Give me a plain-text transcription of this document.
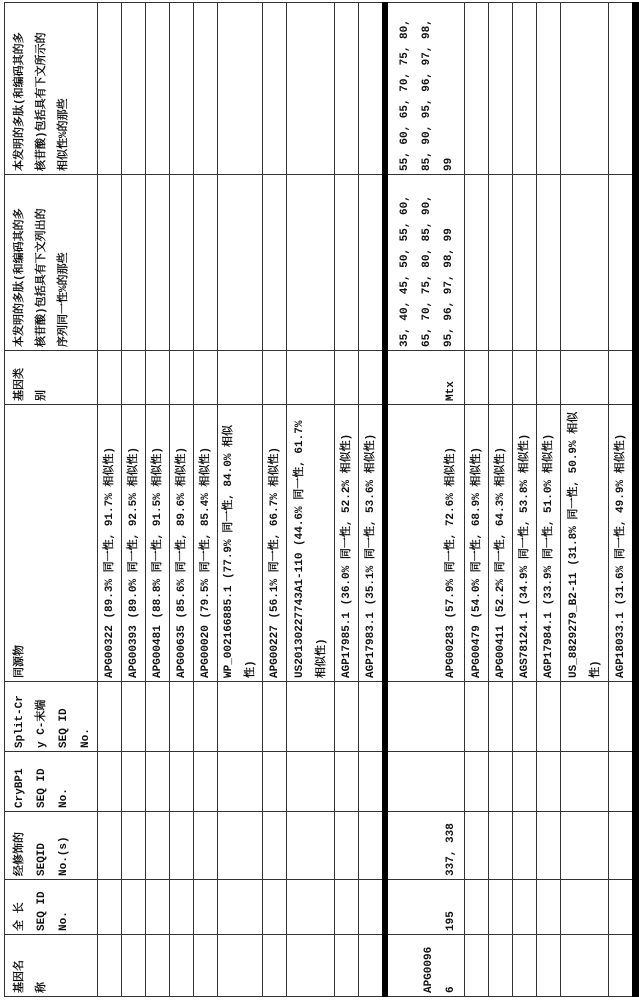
基因名 称

全 长 SEQ ID No.

经修饰的 SEQID No.(s)

CryBP1 SEQ ID No.

Split-Cr y C-末端 SEQ ID No.

同源物

基因类 别

本发明的多肽(和编码其的多 核苷酸)包括具有下文列出的 序列同一性%的那些

本发明的多肽(和编码其的多 核苷酸)包括具有下文所示的 相似性%的那些

					APG00322 (89.3% 同一性, 91.7% 相似性)								APG00393 (89.0% 同一性, 92.5% 相似性)								APG00481 (88.8% 同一性, 91.5% 相似性)								APG00635 (85.6% 同一性, 89.6% 相似性)								APG00020 (79.5% 同一性, 85.4% 相似性)								WP_002166885.1 (77.9% 同一性, 84.0% 相似性)								APG00227 (56.1% 同一性, 66.7% 相似性)								US20130227743A1-110 (44.6% 同一性, 61.7% 相似性)								AGP17985.1 (36.0% 同一性, 52.2% 相似性)								AGP17983.1 (35.1% 同一性, 53.6% 相似性)			

APG0096 6
	195	337, 338			APG00283 (57.9% 同一性, 72.6% 相似性)	Mtx	
35, 40, 45, 50, 55, 60, 65, 70, 75, 80, 85, 90, 95, 96, 97, 98, 99

55, 60, 65, 70, 75, 80, 85, 90, 95, 96, 97, 98, 99

					APG00479 (54.0% 同一性, 68.9% 相似性)								APG00411 (52.2% 同一性, 64.3% 相似性)								AGS78124.1 (34.9% 同一性, 53.8% 相似性)								AGP17984.1 (33.9% 同一性, 51.0% 相似性)								US_8829279_B2-11 (31.8% 同一性, 50.9% 相似性)								AGP18033.1 (31.6% 同一性, 49.9% 相似性)			
